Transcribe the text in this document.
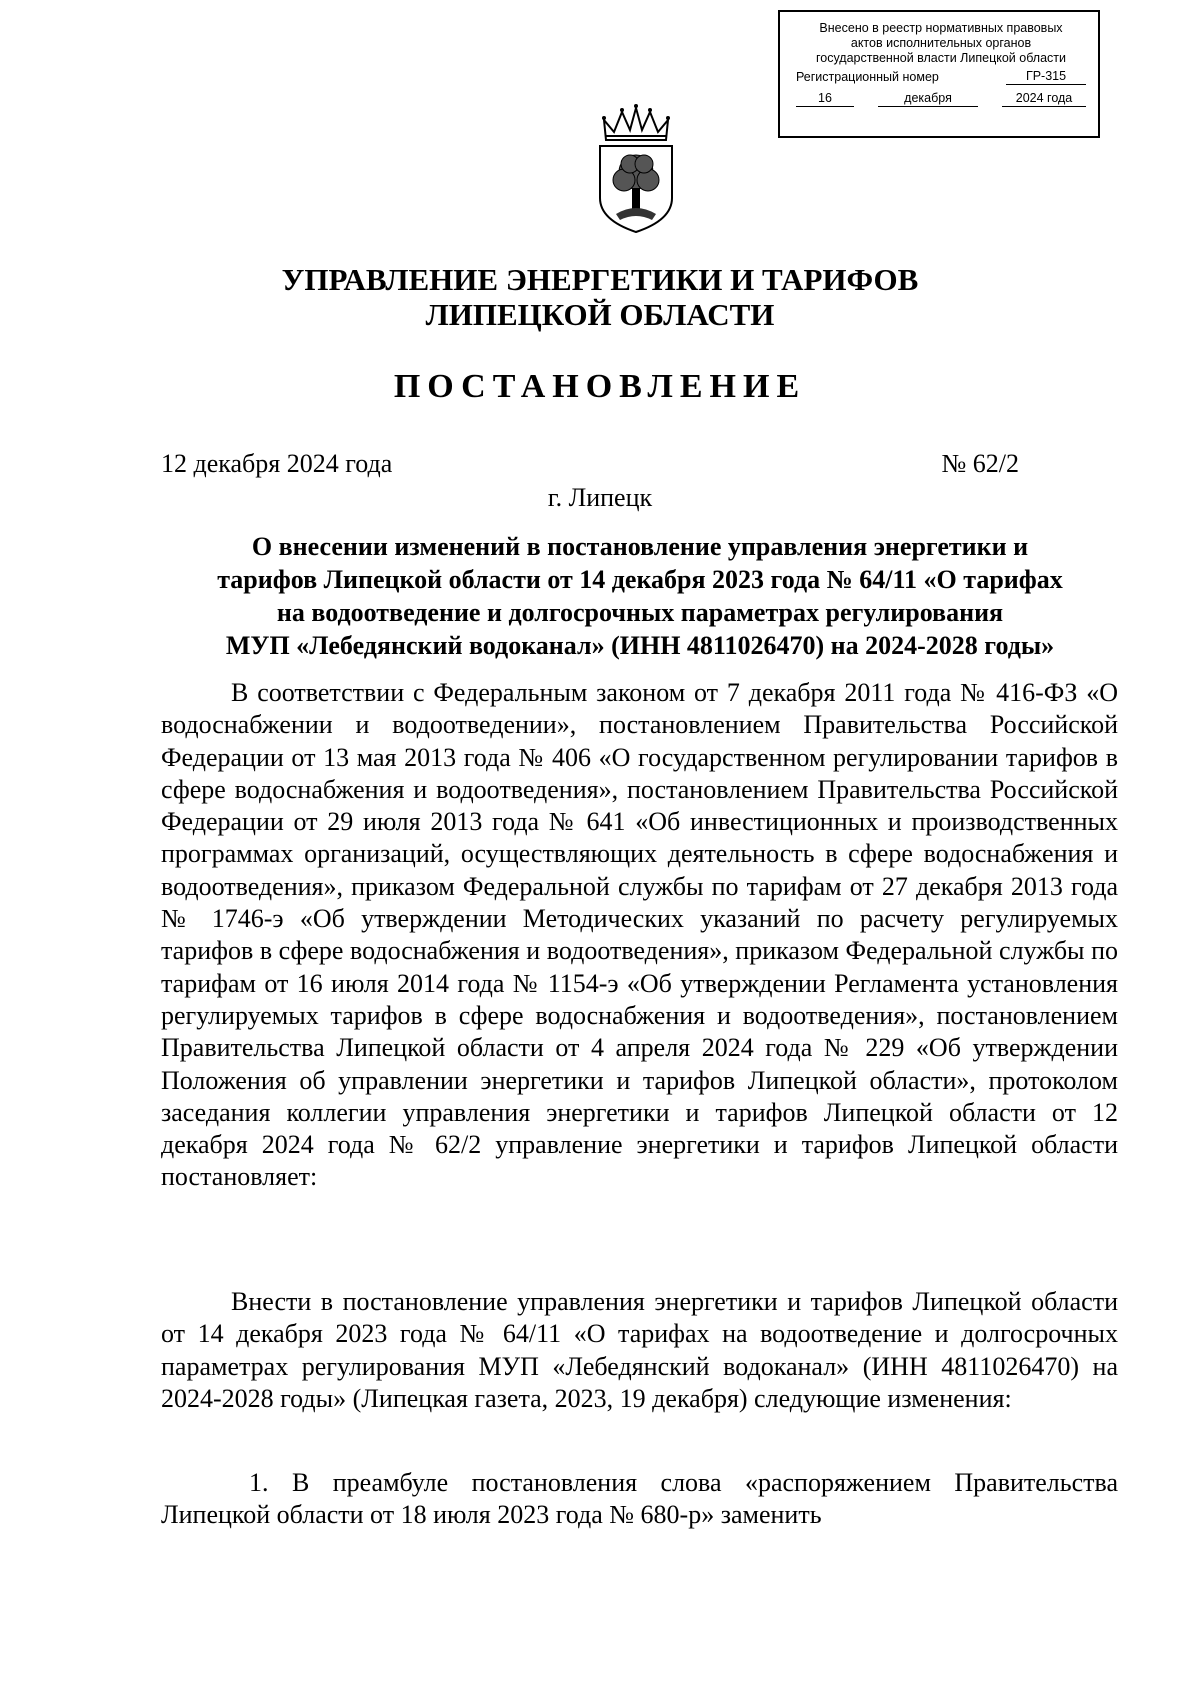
Внесено в реестр нормативных правовых
актов исполнительных органов
государственной власти Липецкой области
Регистрационный номер	ГР-315
16	декабря	2024 года
УПРАВЛЕНИЕ ЭНЕРГЕТИКИ И ТАРИФОВ
ЛИПЕЦКОЙ ОБЛАСТИ
ПОСТАНОВЛЕНИЕ
12 декабря 2024 года	№ 62/2
г. Липецк
О внесении изменений в постановление управления энергетики и
тарифов Липецкой области от 14 декабря 2023 года № 64/11 «О тарифах
на водоотведение и долгосрочных параметрах регулирования
МУП «Лебедянский водоканал» (ИНН 4811026470) на 2024-2028 годы»
В соответствии с Федеральным законом от 7 декабря 2011 года № 416-ФЗ «О водоснабжении и водоотведении», постановлением Правительства Российской Федерации от 13 мая 2013 года № 406 «О государственном регулировании тарифов в сфере водоснабжения и водоотведения», постановлением Правительства Российской Федерации от 29 июля 2013 года № 641 «Об инвестиционных и производственных программах организаций, осуществляющих деятельность в сфере водоснабжения и водоотведения», приказом Федеральной службы по тарифам от 27 декабря 2013 года № 1746-э «Об утверждении Методических указаний по расчету регулируемых тарифов в сфере водоснабжения и водоотведения», приказом Федеральной службы по тарифам от 16 июля 2014 года № 1154-э «Об утверждении Регламента установления регулируемых тарифов в сфере водоснабжения и водоотведения», постановлением Правительства Липецкой области от 4 апреля 2024 года № 229 «Об утверждении Положения об управлении энергетики и тарифов Липецкой области», протоколом заседания коллегии управления энергетики и тарифов Липецкой области от 12 декабря 2024 года № 62/2 управление энергетики и тарифов Липецкой области постановляет:
Внести в постановление управления энергетики и тарифов Липецкой области от 14 декабря 2023 года № 64/11 «О тарифах на водоотведение и долгосрочных параметрах регулирования МУП «Лебедянский водоканал» (ИНН 4811026470) на 2024-2028 годы» (Липецкая газета, 2023, 19 декабря) следующие изменения:
1. В преамбуле постановления слова «распоряжением Правительства Липецкой области от 18 июля 2023 года № 680-р» заменить
